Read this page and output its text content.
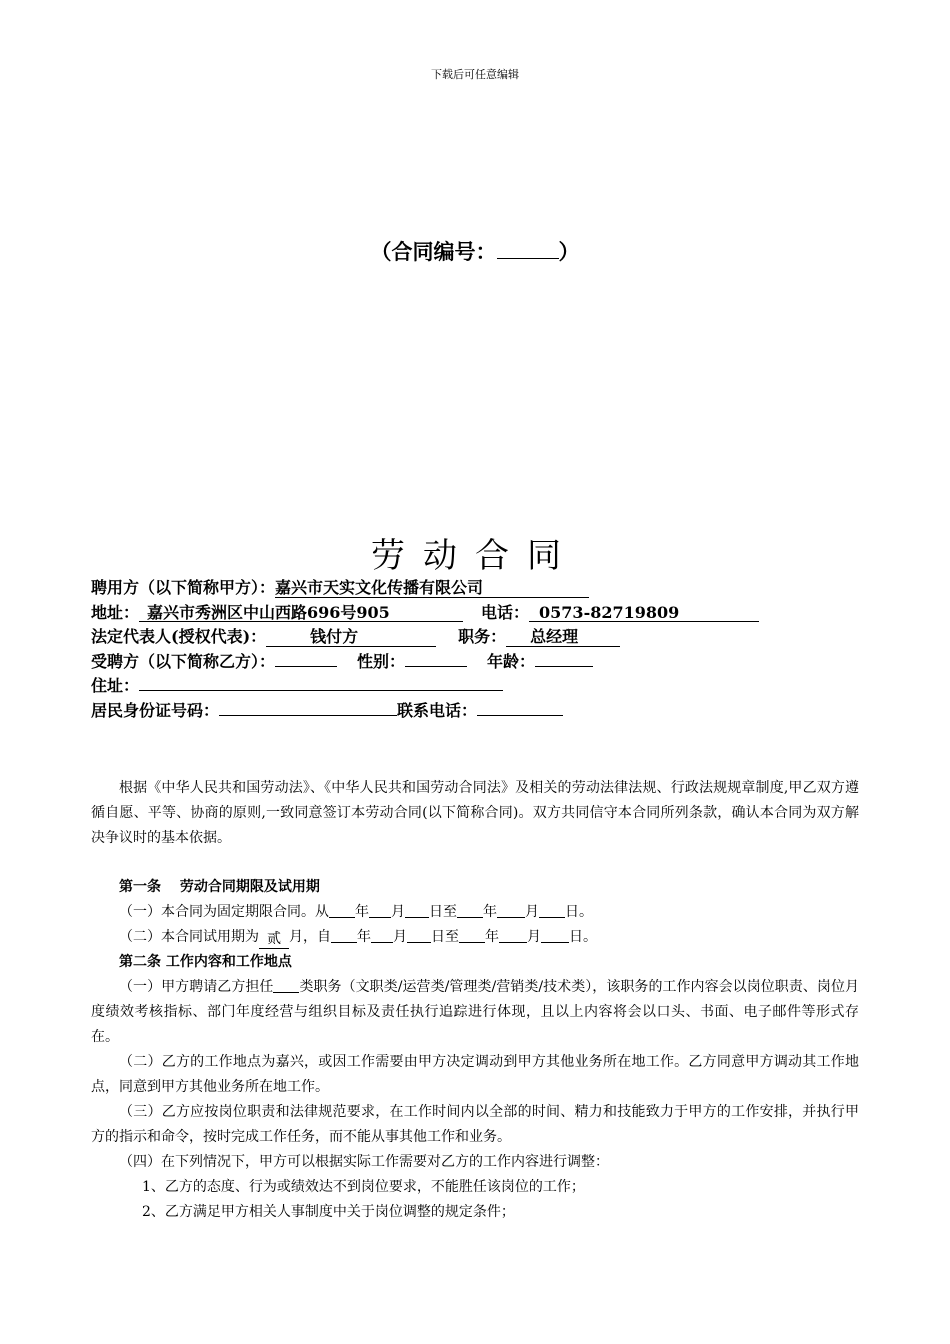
下载后可任意编辑
（合同编号：	）
劳动合同
聘用方（以下简称甲方）：嘉兴市天实文化传播有限公司
地址： 嘉兴市秀洲区中山西路696号905	电话： 0573-82719809
法定代表人(授权代表)：	钱付方	职务： 总经理
受聘方（以下简称乙方）：	性别：	年龄：
住址：
居民身份证号码：	联系电话：

根据《中华人民共和国劳动法》、《中华人民共和国劳动合同法》及相关的劳动法律法规、行政法规规章制度,甲乙双方遵循自愿、平等、协商的原则,一致同意签订本劳动合同(以下简称合同)。双方共同信守本合同所列条款，确认本合同为双方解决争议时的基本依据。

第一条　 劳动合同期限及试用期

（一）本合同为固定期限合同。从 年 月 日至 年 月 日。

（二）本合同试用期为 贰 月，自 年 月 日至 年 月 日。

第二条 工作内容和工作地点

（一）甲方聘请乙方担任 类职务（文职类/运营类/管理类/营销类/技术类），该职务的工作内容会以岗位职责、岗位月度绩效考核指标、部门年度经营与组织目标及责任执行追踪进行体现，且以上内容将会以口头、书面、电子邮件等形式存在。

（二）乙方的工作地点为嘉兴，或因工作需要由甲方决定调动到甲方其他业务所在地工作。乙方同意甲方调动其工作地点，同意到甲方其他业务所在地工作。

（三）乙方应按岗位职责和法律规范要求，在工作时间内以全部的时间、精力和技能致力于甲方的工作安排，并执行甲方的指示和命令，按时完成工作任务，而不能从事其他工作和业务。

（四）在下列情况下，甲方可以根据实际工作需要对乙方的工作内容进行调整：

1、乙方的态度、行为或绩效达不到岗位要求，不能胜任该岗位的工作；

2、乙方满足甲方相关人事制度中关于岗位调整的规定条件；
